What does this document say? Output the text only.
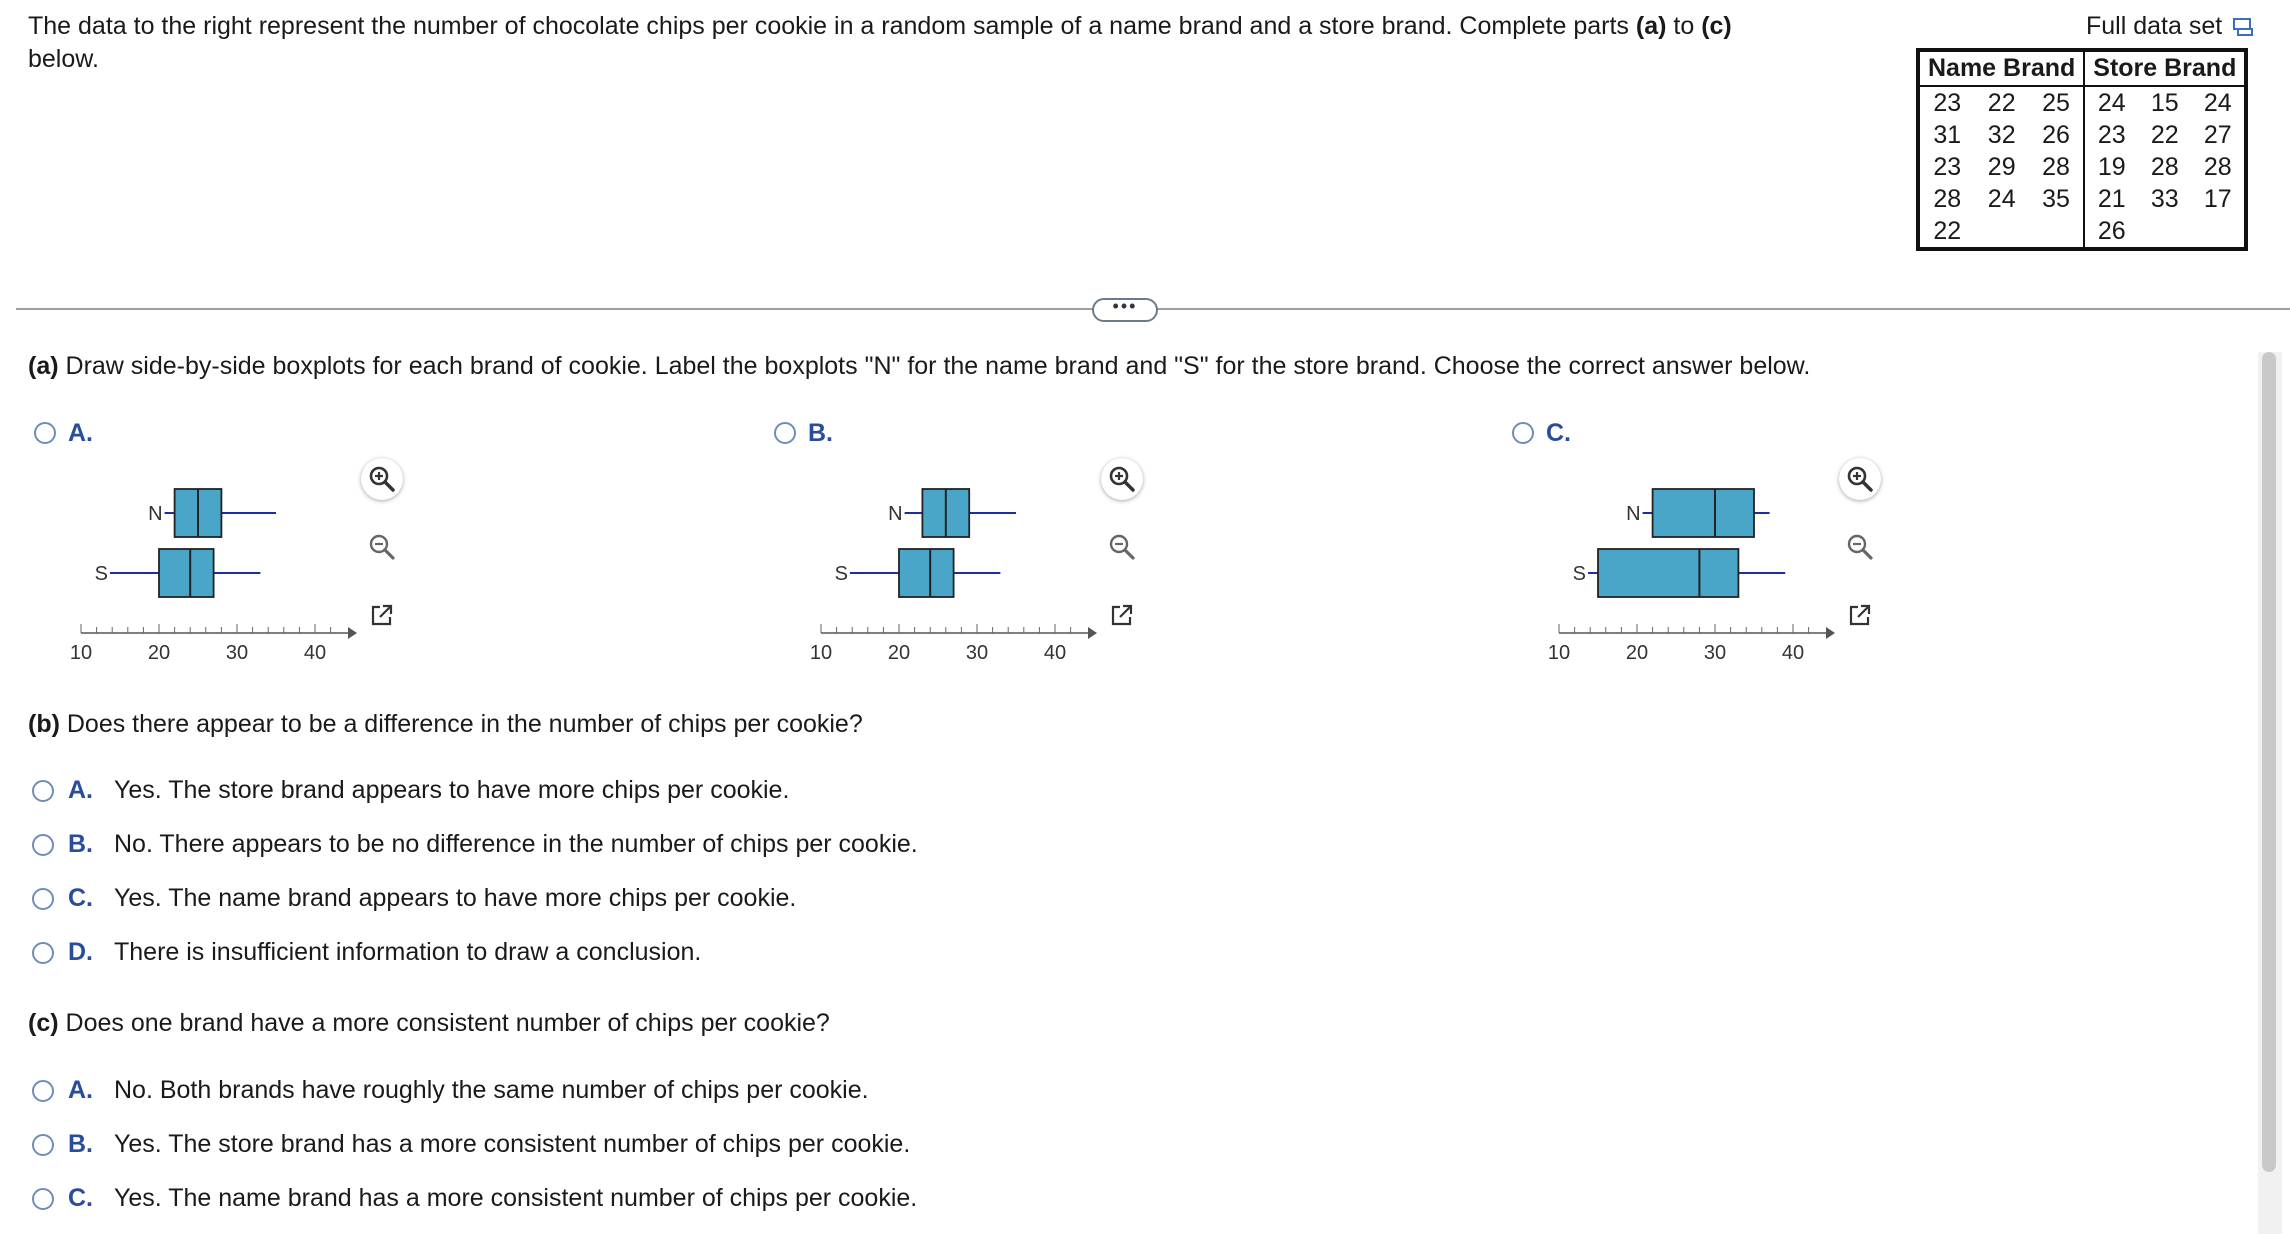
The data to the right represent the number of chocolate chips per cookie in a random sample of a name brand and a store brand. Complete parts (a) to (c)
below.
Full data set
Name Brand			Store Brand		
23	22	25	24	15	24
31	32	26	23	22	27
23	29	28	19	28	28
28	24	35	21	33	17
22			26		
•••
(a) Draw side-by-side boxplots for each brand of cookie. Label the boxplots "N" for the name brand and "S" for the store brand. Choose the correct answer below.
A.
10	20	30	40
N
S
B.
10	20	30	40
N
S
C.
10	20	30	40
N
S
(b) Does there appear to be a difference in the number of chips per cookie?
A. Yes. The store brand appears to have more chips per cookie.
B. No. There appears to be no difference in the number of chips per cookie.
C. Yes. The name brand appears to have more chips per cookie.
D. There is insufficient information to draw a conclusion.
(c) Does one brand have a more consistent number of chips per cookie?
A. No. Both brands have roughly the same number of chips per cookie.
B. Yes. The store brand has a more consistent number of chips per cookie.
C. Yes. The name brand has a more consistent number of chips per cookie.
